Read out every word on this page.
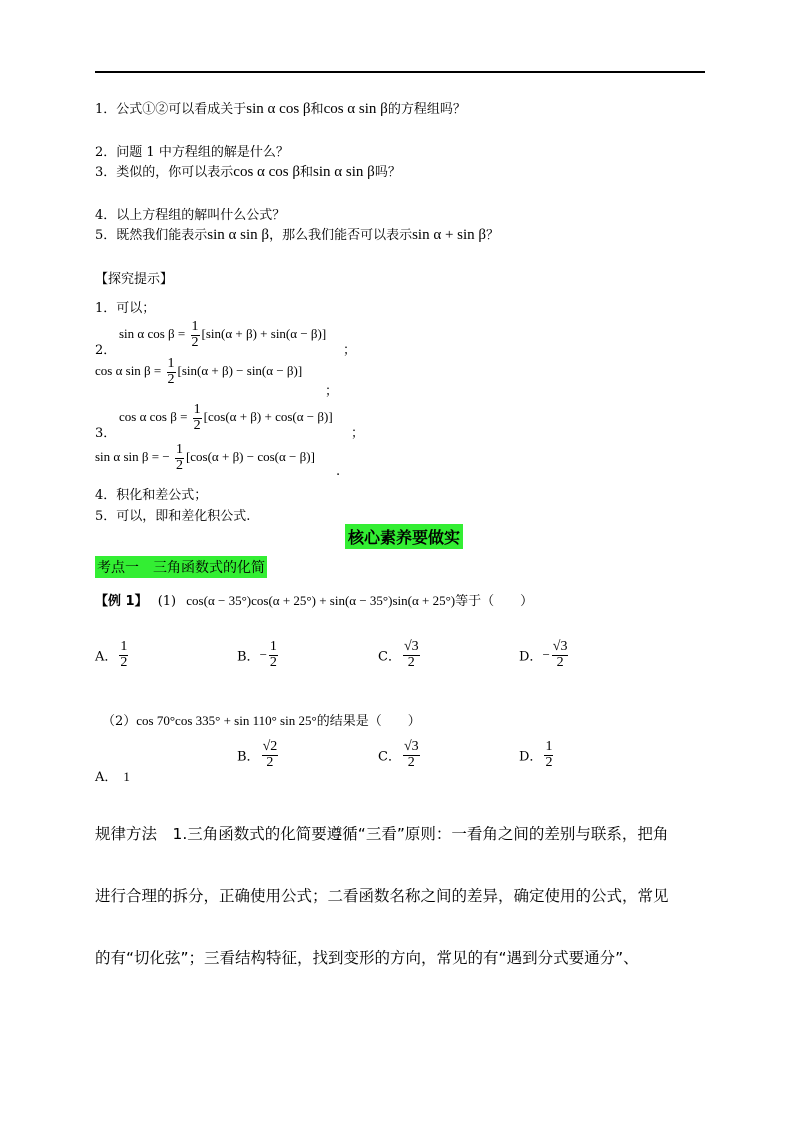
1．公式①②可以看成关于sin α cos β和cos α sin β的方程组吗？
2．问题 1 中方程组的解是什么？
3．类似的，你可以表示cos α cos β和sin α sin β吗？
4．以上方程组的解叫什么公式？
5．既然我们能表示sin α sin β，那么我们能否可以表示sin α + sin β？
【探究提示】
1．可以；
sin α $\cos \beta = \frac{1}{2} [\sin(\alpha + \beta) + \sin(\alpha - \beta)]$
2．	；
cos α $\sin \beta = \frac{1}{2} [\sin(\alpha + \beta) - \sin(\alpha - \beta)]$
；
cos α $\cos \beta = \frac{1}{2} [\cos(\alpha + \beta) + \cos(\alpha - \beta)]$
3．	；
sin α sin β = − $\frac{1}{2} [\cos(\alpha + \beta) - \cos(\alpha - \beta)]$
.
4．积化和差公式；
5．可以，即和差化积公式.
核心素养要做实
考点一　三角函数式的化简
【例 1】 (1) cos(α − 35°)cos(α + 25°) + sin(α − 35°)sin(α + 25°)等于（　　）
A． $\frac{1}{2}$	B．− $\frac{1}{2}$	C． $\frac{√3}{2}$	D．− $\frac{√3}{2}$
（2）cos 70°cos 335° + sin 110° sin 25°的结果是（　　）
A． 1
B． $\frac{√2}{2}$	C． $\frac{√3}{2}$	D． $\frac{1}{2}$
规律方法　1.三角函数式的化简要遵循“三看”原则：一看角之间的差别与联系，把角
进行合理的拆分，正确使用公式；二看函数名称之间的差异，确定使用的公式，常见
的有“切化弦”；三看结构特征，找到变形的方向，常见的有“遇到分式要通分”、
